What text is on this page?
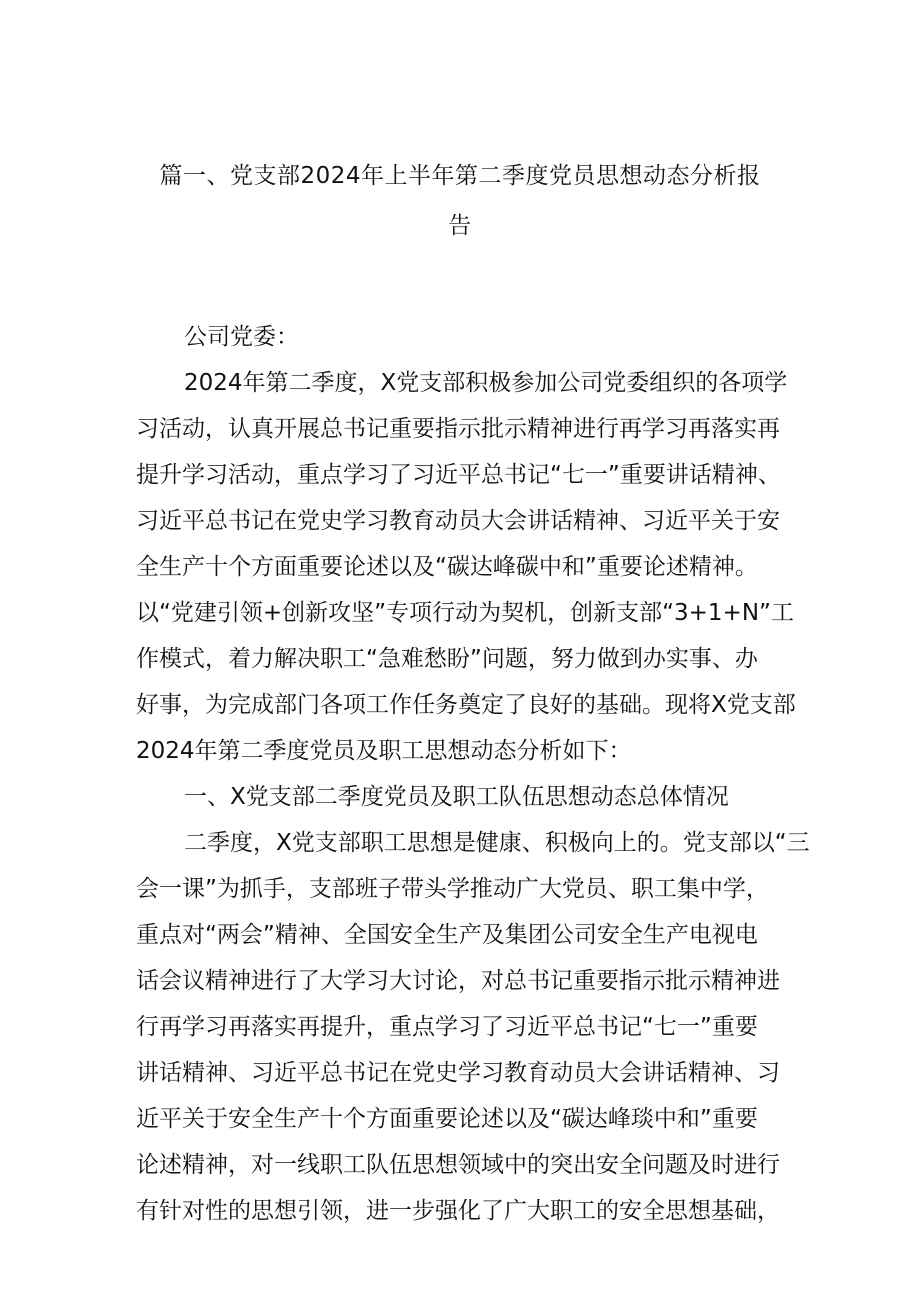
篇一、党支部2024年上半年第二季度党员思想动态分析报
告
公司党委：
2024年第二季度，X党支部积极参加公司党委组织的各项学
习活动，认真开展总书记重要指示批示精神进行再学习再落实再
提升学习活动，重点学习了习近平总书记“七一”重要讲话精神、
习近平总书记在党史学习教育动员大会讲话精神、习近平关于安
全生产十个方面重要论述以及“碳达峰碳中和”重要论述精神。
以“党建引领+创新攻坚”专项行动为契机，创新支部“3+1+N”工
作模式，着力解决职工“急难愁盼”问题，努力做到办实事、办
好事，为完成部门各项工作任务奠定了良好的基础。现将X党支部
2024年第二季度党员及职工思想动态分析如下：
一、X党支部二季度党员及职工队伍思想动态总体情况
二季度，X党支部职工思想是健康、积极向上的。党支部以“三
会一课”为抓手，支部班子带头学推动广大党员、职工集中学，
重点对“两会”精神、全国安全生产及集团公司安全生产电视电
话会议精神进行了大学习大讨论，对总书记重要指示批示精神进
行再学习再落实再提升，重点学习了习近平总书记“七一”重要
讲话精神、习近平总书记在党史学习教育动员大会讲话精神、习
近平关于安全生产十个方面重要论述以及“碳达峰琰中和”重要
论述精神，对一线职工队伍思想领域中的突出安全问题及时进行
有针对性的思想引领，进一步强化了广大职工的安全思想基础，
